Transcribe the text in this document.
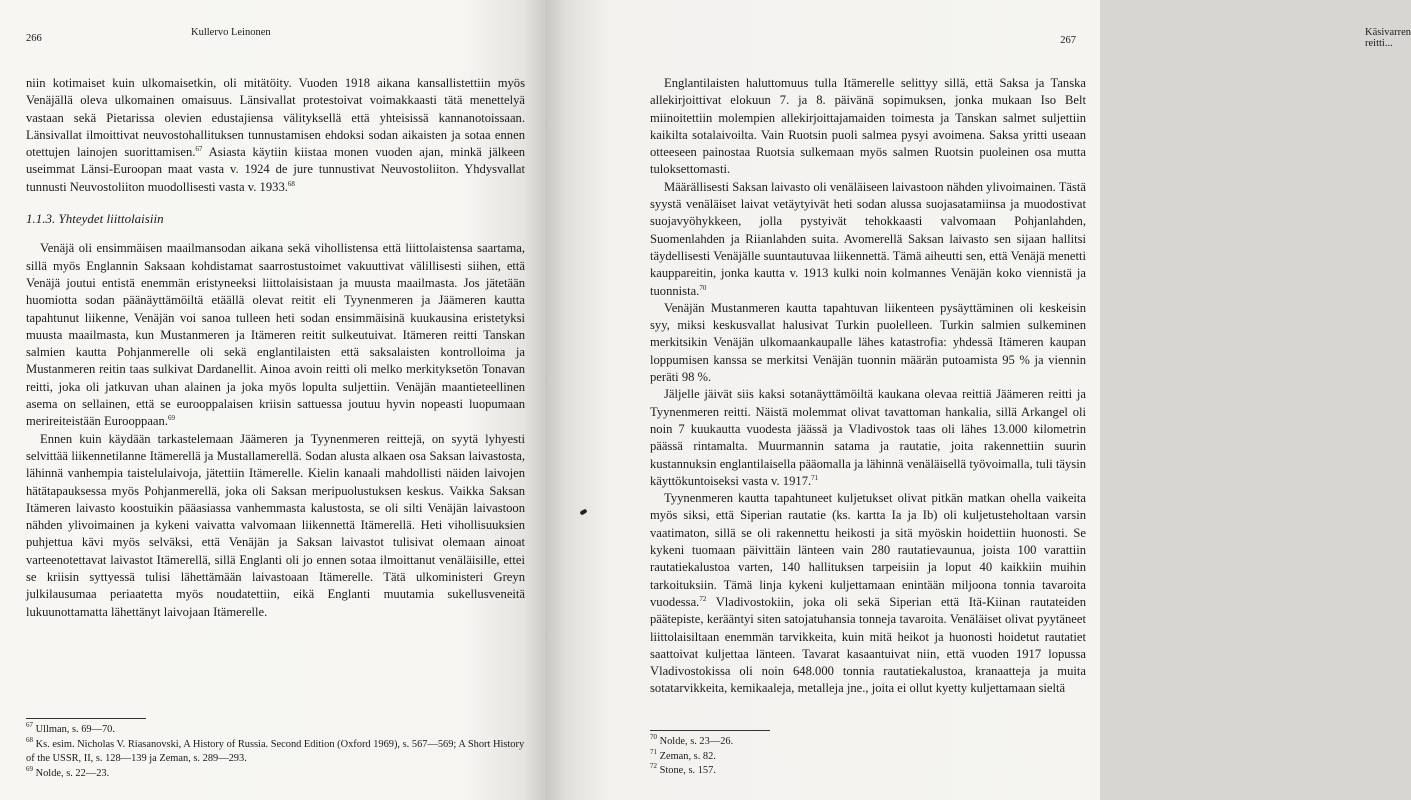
266
Kullervo Leinonen

niin kotimaiset kuin ulkomaisetkin, oli mitätöity. Vuoden 1918 aikana kansallistettiin myös Venäjällä oleva ulkomainen omaisuus. Länsivallat protestoivat voimakkaasti tätä menettelyä vastaan sekä Pietarissa olevien edustajiensa välityksellä että yhteisissä kannanotoissaan. Länsivallat ilmoittivat neuvostohallituksen tunnustamisen ehdoksi sodan aikaisten ja sotaa ennen otettujen lainojen suorittamisen.$^{67}$ Asiasta käytiin kiistaa monen vuoden ajan, minkä jälkeen useimmat Länsi-Euroopan maat vasta v. 1924 de jure tunnustivat Neuvostoliiton. Yhdysvallat tunnusti Neuvostoliiton muodollisesti vasta v. 1933.68

1.1.3. Yhteydet liittolaisiin

Venäjä oli ensimmäisen maailmansodan aikana sekä vihollistensa että liittolaistensa saartama, sillä myös Englannin Saksaan kohdistamat saarrostustoimet vakuuttivat välillisesti siihen, että Venäjä joutui entistä enemmän eristyneeksi liittolaisistaan ja muusta maailmasta. Jos jätetään huomiotta sodan päänäyttämöiltä etäällä olevat reitit eli Tyynenmeren ja Jäämeren kautta tapahtunut liikenne, Venäjän voi sanoa tulleen heti sodan ensimmäisinä kuukausina eristetyksi muusta maailmasta, kun Mustanmeren ja Itämeren reitit sulkeutuivat. Itämeren reitti Tanskan salmien kautta Pohjanmerelle oli sekä englantilaisten että saksalaisten kontrolloima ja Mustanmeren reitin taas sulkivat Dardanellit. Ainoa avoin reitti oli melko merkityksetön Tonavan reitti, joka oli jatkuvan uhan alainen ja joka myös lopulta suljettiin. Venäjän maantieteellinen asema on sellainen, että se eurooppalaisen kriisin sattuessa joutuu hyvin nopeasti luopumaan merireiteistään Eurooppaan.$^{69}$

Ennen kuin käydään tarkastelemaan Jäämeren ja Tyynenmeren reittejä, on syytä lyhyesti selvittää liikennetilanne Itämerellä ja Mustallamerellä. Sodan alusta alkaen osa Saksan laivastosta, lähinnä vanhempia taistelulaivoja, jätettiin Itämerelle. Kielin kanaali mahdollisti näiden laivojen hätätapauksessa myös Pohjanmerellä, joka oli Saksan meripuolustuksen keskus. Vaikka Saksan Itämeren laivasto koostuikin pääasiassa vanhemmasta kalustosta, se oli silti Venäjän laivastoon nähden ylivoimainen ja kykeni vaivatta valvomaan liikennettä Itämerellä. Heti vihollisuuksien puhjettua kävi myös selväksi, että Venäjän ja Saksan laivastot tulisivat olemaan ainoat varteenotettavat laivastot Itämerellä, sillä Englanti oli jo ennen sotaa ilmoittanut venäläisille, ettei se kriisin syttyessä tulisi lähettämään laivastoaan Itämerelle. Tätä ulkoministeri Greyn julkilausumaa periaatetta myös noudatettiin, eikä Englanti muutamia sukellusveneitä lukuunottamatta lähettänyt laivojaan Itämerelle.

$^{67}$ Ullman, s. 69—70.
$^{68}$ Ks. esim. Nicholas V. Riasanovski, A History of Russia. Second Edition (Oxford 1969), s. 567—569; A Short History of the USSR, II, s. 128—139 ja Zeman, s. 289—293.
$^{69}$ Nolde, s. 22—23.
Käsivarren reitti...
267

Englantilaisten haluttomuus tulla Itämerelle selittyy sillä, että Saksa ja Tanska allekirjoittivat elokuun 7. ja 8. päivänä sopimuksen, jonka mukaan Iso Belt miinoitettiin molempien allekirjoittajamaiden toimesta ja Tanskan salmet suljettiin kaikilta sotalaivoilta. Vain Ruotsin puoli salmea pysyi avoimena. Saksa yritti useaan otteeseen painostaa Ruotsia sulkemaan myös salmen Ruotsin puoleinen osa mutta tuloksettomasti.

Määrällisesti Saksan laivasto oli venäläiseen laivastoon nähden ylivoimainen. Tästä syystä venäläiset laivat vetäytyivät heti sodan alussa suojasatamiinsa ja muodostivat suojavyöhykkeen, jolla pystyivät tehokkaasti valvomaan Pohjanlahden, Suomenlahden ja Riianlahden suita. Avomerellä Saksan laivasto sen sijaan hallitsi täydellisesti Venäjälle suuntautuvaa liikennettä. Tämä aiheutti sen, että Venäjä menetti kauppareitin, jonka kautta v. 1913 kulki noin kolmannes Venäjän koko viennistä ja tuonnista.$^{70}$

Venäjän Mustanmeren kautta tapahtuvan liikenteen pysäyttäminen oli keskeisin syy, miksi keskusvallat halusivat Turkin puolelleen. Turkin salmien sulkeminen merkitsikin Venäjän ulkomaankaupalle lähes katastrofia: yhdessä Itämeren kaupan loppumisen kanssa se merkitsi Venäjän tuonnin määrän putoamista 95 % ja viennin peräti 98 %.

Jäljelle jäivät siis kaksi sotanäyttämöiltä kaukana olevaa reittiä Jäämeren reitti ja Tyynenmeren reitti. Näistä molemmat olivat tavattoman hankalia, sillä Arkangel oli noin 7 kuukautta vuodesta jäässä ja Vladivostok taas oli lähes 13.000 kilometrin päässä rintamalta. Muurmannin satama ja rautatie, joita rakennettiin suurin kustannuksin englantilaisella pääomalla ja lähinnä venäläisellä työvoimalla, tuli täysin käyttökuntoiseksi vasta v. 1917.71

Tyynenmeren kautta tapahtuneet kuljetukset olivat pitkän matkan ohella vaikeita myös siksi, että Siperian rautatie (ks. kartta Ia ja Ib) oli kuljetusteholtaan varsin vaatimaton, sillä se oli rakennettu heikosti ja sitä myöskin hoidettiin huonosti. Se kykeni tuomaan päivittäin länteen vain 280 rautatievaunua, joista 100 varattiin rautatiekalustoa varten, 140 hallituksen tarpeisiin ja loput 40 kaikkiin muihin tarkoituksiin. Tämä linja kykeni kuljettamaan enintään miljoona tonnia tavaroita vuodessa.$^{72}$ Vladivostokiin, joka oli sekä Siperian että Itä-Kiinan rautateiden päätepiste, kerääntyi siten satojatuhansia tonneja tavaroita. Venäläiset olivat pyytäneet liittolaisiltaan enemmän tarvikkeita, kuin mitä heikot ja huonosti hoidetut rautatiet saattoivat kuljettaa länteen. Tavarat kasaantuivat niin, että vuoden 1917 lopussa Vladivostokissa oli noin 648.000 tonnia rautatiekalustoa, kranaatteja ja muita sotatarvikkeita, kemikaaleja, metalleja jne., joita ei ollut kyetty kuljettamaan sieltä

$^{70}$ Nolde, s. 23—26.
$^{71}$ Zeman, s. 82.
$^{72}$ Stone, s. 157.
